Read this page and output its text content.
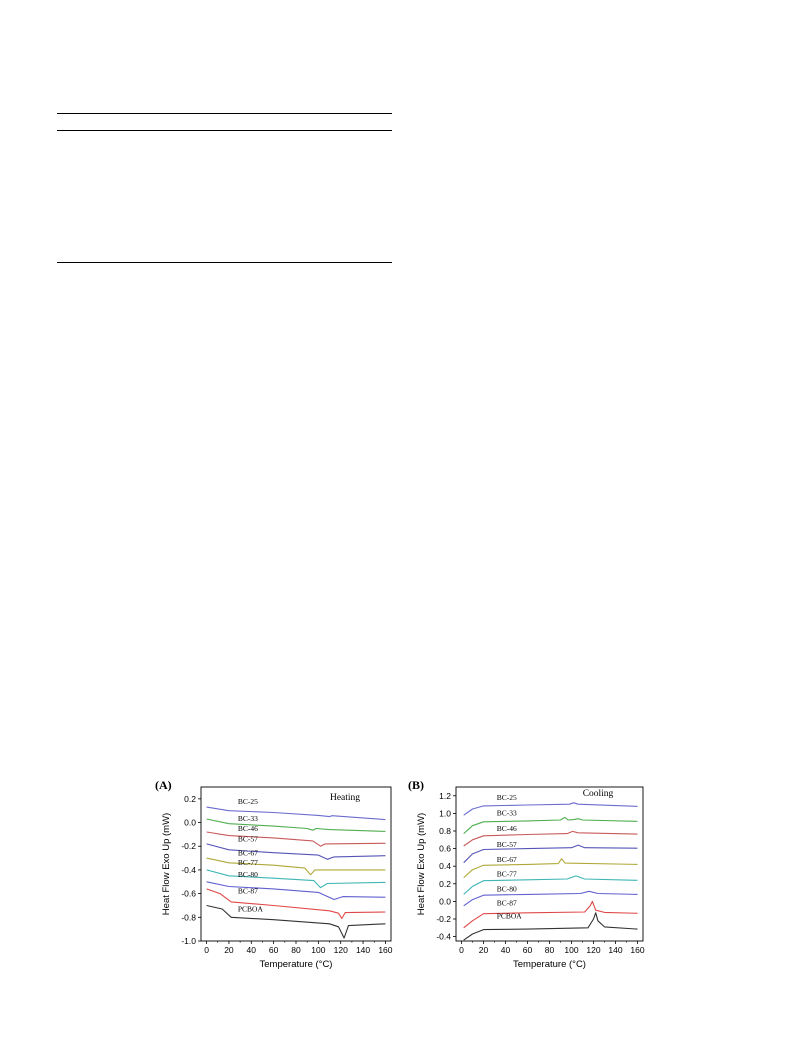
0 20 40 60 80 100 120 140 160
0.2
0.0
-0.2
-0.4
-0.6
-0.8
-1.0
Temperature (°C)
Heat Flow Exo Up (mW)
(A)
Heating
BC-25
BC-33
BC-46
BC-57
BC-67
BC-77
BC-80
BC-87
PCBOA
0 20 40 60 80 100 120 140 160
1.2
1.0
0.8
0.6
0.4
0.2
0.0
-0.2
-0.4
Temperature (°C)
Heat Flow Exo Up (mW)
(B)
Cooling
BC-25
BC-33
BC-46
BC-57
BC-67
BC-77
BC-80
BC-87
PCBOA
